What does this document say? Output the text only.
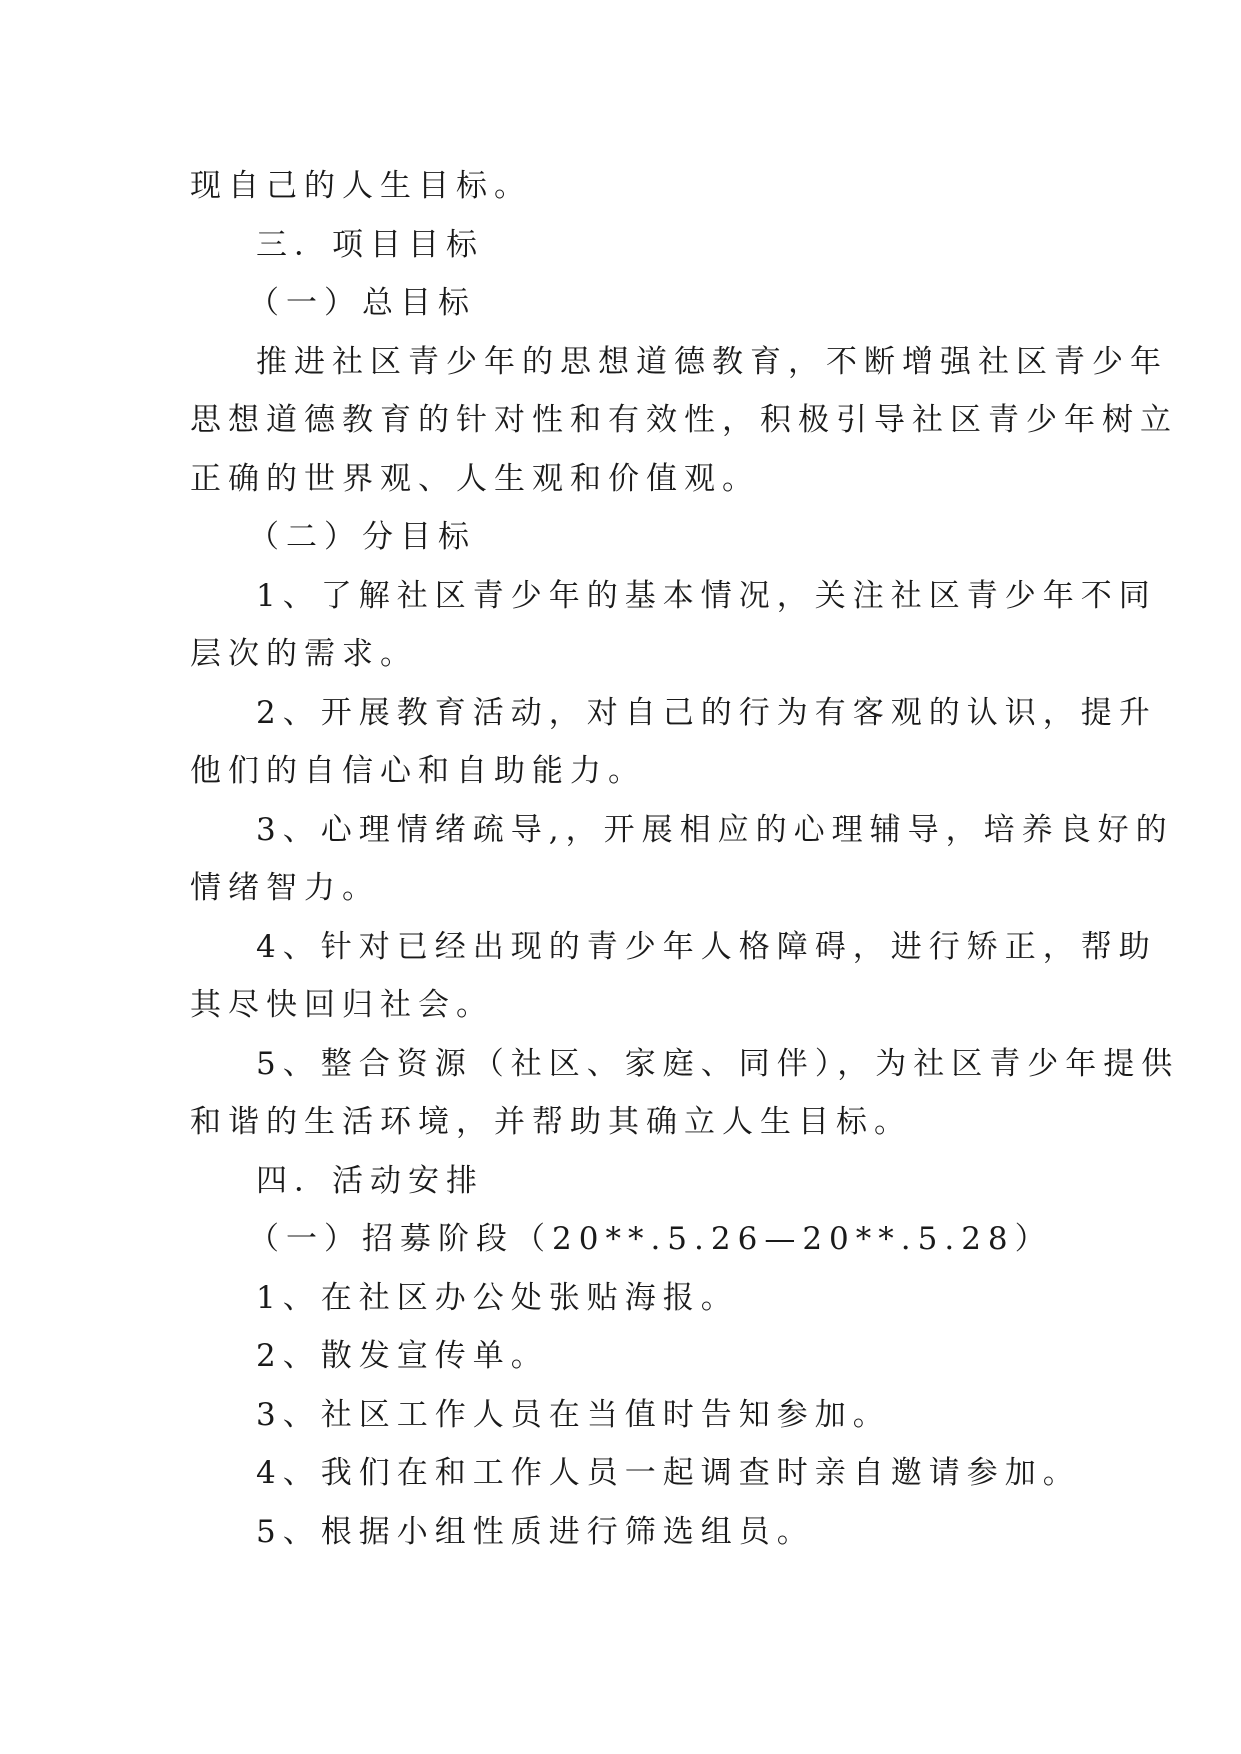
现自己的人生目标。
三．项目目标
（一）总目标
推进社区青少年的思想道德教育，不断增强社区青少年
思想道德教育的针对性和有效性，积极引导社区青少年树立
正确的世界观、人生观和价值观。
（二）分目标
1、了解社区青少年的基本情况，关注社区青少年不同
层次的需求。
2、开展教育活动，对自己的行为有客观的认识，提升
他们的自信心和自助能力。
3、心理情绪疏导,，开展相应的心理辅导，培养良好的
情绪智力。
4、针对已经出现的青少年人格障碍，进行矫正，帮助
其尽快回归社会。
5、整合资源（社区、家庭、同伴），为社区青少年提供
和谐的生活环境，并帮助其确立人生目标。
四．活动安排
（一）招募阶段（20**.5.26—20**.5.28）
1、在社区办公处张贴海报。
2、散发宣传单。
3、社区工作人员在当值时告知参加。
4、我们在和工作人员一起调查时亲自邀请参加。
5、根据小组性质进行筛选组员。
